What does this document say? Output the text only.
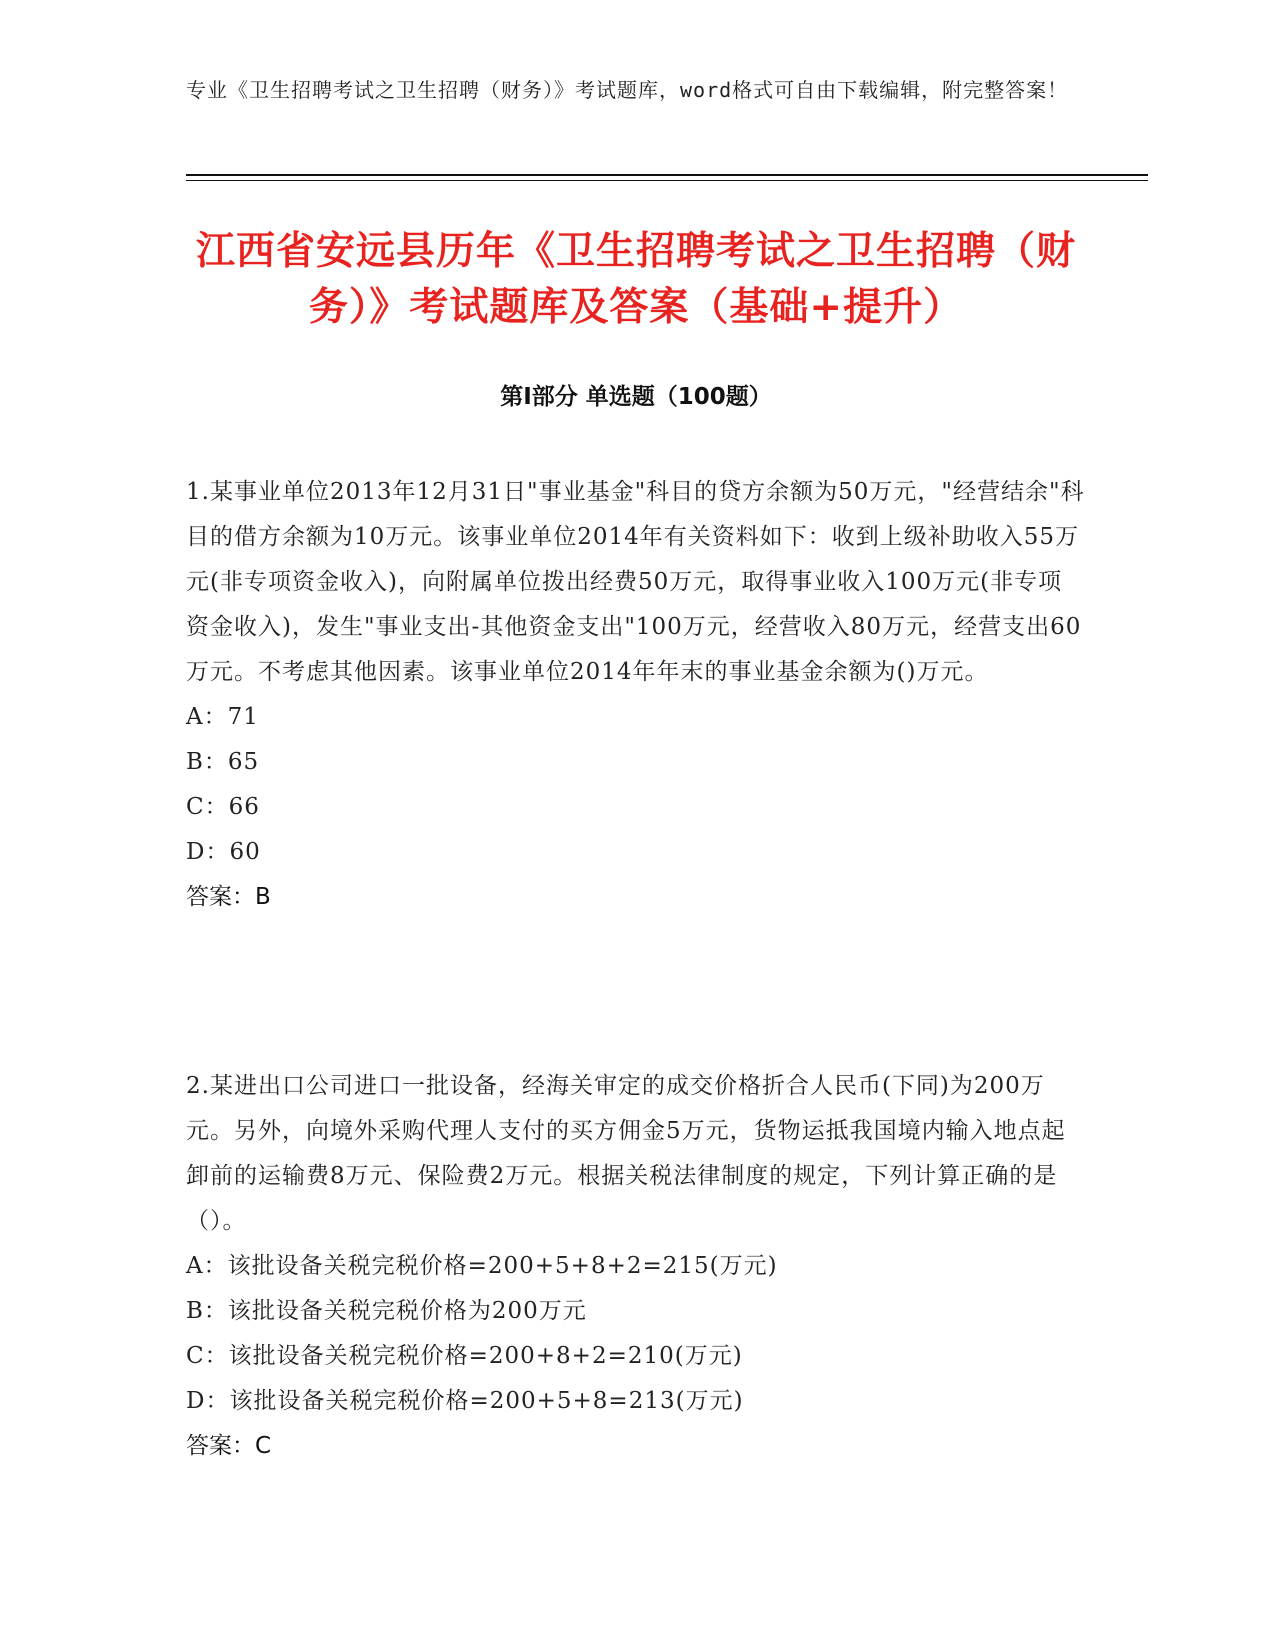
专业《卫生招聘考试之卫生招聘（财务）》考试题库，word格式可自由下载编辑，附完整答案！
江西省安远县历年《卫生招聘考试之卫生招聘（财务）》考试题库及答案（基础+提升）
第Ⅰ部分 单选题（100题）
1.某事业单位2013年12月31日"事业基金"科目的贷方余额为50万元，"经营结余"科目的借方余额为10万元。该事业单位2014年有关资料如下：收到上级补助收入55万元(非专项资金收入)，向附属单位拨出经费50万元，取得事业收入100万元(非专项资金收入)，发生"事业支出-其他资金支出"100万元，经营收入80万元，经营支出60万元。不考虑其他因素。该事业单位2014年年末的事业基金余额为()万元。
A：71
B：65
C：66
D：60
答案：B
2.某进出口公司进口一批设备，经海关审定的成交价格折合人民币(下同)为200万元。另外，向境外采购代理人支付的买方佣金5万元，货物运抵我国境内输入地点起卸前的运输费8万元、保险费2万元。根据关税法律制度的规定，下列计算正确的是（）。
A：该批设备关税完税价格=200+5+8+2=215(万元)
B：该批设备关税完税价格为200万元
C：该批设备关税完税价格=200+8+2=210(万元)
D：该批设备关税完税价格=200+5+8=213(万元)
答案：C
